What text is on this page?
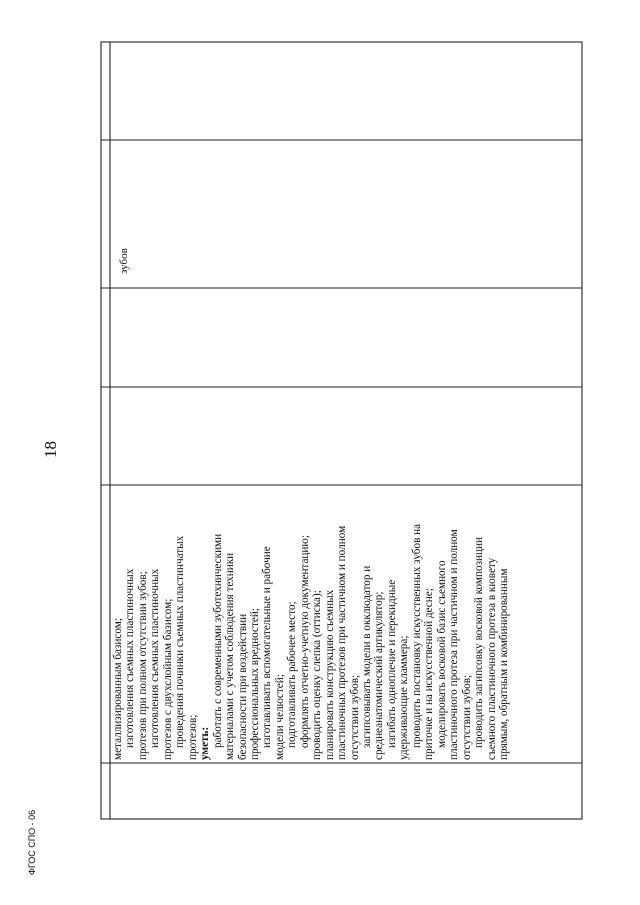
зубов
18
металлизированным базисом; изготовления съемных пластиночных протезов при полном отсутствии зубов; изготовления съемных пластиночных протезов с двухслойным базисом; проведения починки съемных пластинчатых протезов; уметь: работать с современными зуботехническими материалами с учетом соблюдения техники безопасности при воздействии профессиональных вредностей; изготавливать вспомогательные и рабочие модели челюстей; подготавливать рабочее место; оформлять отчетно-учетную документацию; проводить оценку слепка (оттиска); планировать конструкцию съемных пластиночных протезов при частичном и полном отсутствии зубов; загипсовывать модели в окклюдатор и среднеанатомический артикулятор; изгибать одноплечие и перекидные удерживающие кламмера; проводить постановку искусственных зубов на приточке и на искусственной десне; моделировать восковой базис съемного пластиночного протеза при частичном и полном отсутствии зубов; проводить загипсовку восковой композиции съемного пластиночного протеза в кювету прямым, обратным и комбинированным
ФГОС СПО - 06
